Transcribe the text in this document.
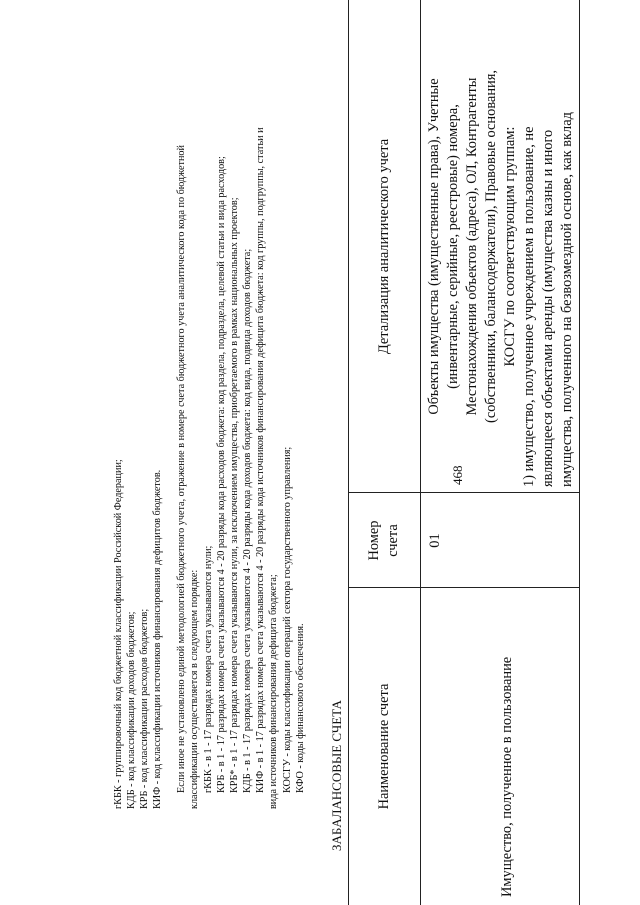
468
гКБК - группировочный код бюджетной классификации Российской Федерации; КДБ - код классификации доходов бюджетов; КРБ - код классификации расходов бюджетов; КИФ - код классификации источников финансирования дефицитов бюджетов. Если иное не установлено единой методологией бюджетного учета, отражение в номере счета бюджетного учета аналитического кода по бюджетной классификации осуществляется в следующем порядке: гКБК - в 1 - 17 разрядах номера счета указываются нули; КРБ - в 1 - 17 разрядах номера счета указываются 4 - 20 разряды кода расходов бюджета: код раздела, подраздела, целевой статьи и вида расходов; КРБ* - в 1 - 17 разрядах номера счета указываются нули, за исключением имущества, приобретаемого в рамках национальных проектов; КДБ - в 1 - 17 разрядах номера счета указываются 4 - 20 разряды кода доходов бюджета: код вида, подвида доходов бюджета; КИФ - в 1 - 17 разрядах номера счета указываются 4 - 20 разряды кода источников финансирования дефицита бюджета: код группы, подгруппы, статьи и вида источников финансирования дефицита бюджета; КОСГУ - коды классификации операций сектора государственного управления; КФО - коды финансового обеспечения. ЗАБАЛАНСОВЫЕ СЧЕТА Наименование счета
Номер счета
Детализация аналитического учета
Имущество, полученное в пользование
01
Объекты имущества (имущественные права), Учетные (инвентарные, серийные, реестровые) номера, Местонахождения объектов (адреса), ОЛ, Контрагенты (собственники, балансодержатели), Правовые основания, КОСГУ по соответствующим группам: 1) имущество, полученное учреждением в пользование, не являющееся объектами аренды (имущества казны и иного имущества, полученного на безвозмездной основе, как вклад
